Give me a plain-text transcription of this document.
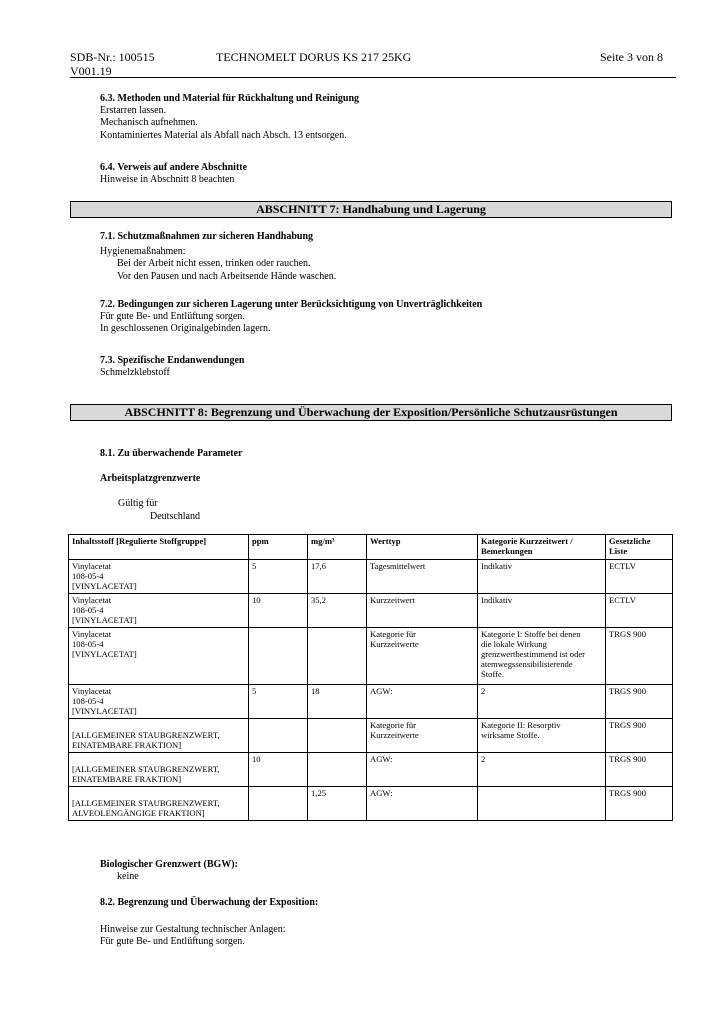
SDB-Nr.: 100515
V001.19
TECHNOMELT DORUS KS 217 25KG	Seite 3 von 8
6.3. Methoden und Material für Rückhaltung und Reinigung
Erstarren lassen.
Mechanisch aufnehmen.
Kontaminiertes Material als Abfall nach Absch. 13 entsorgen.
6.4. Verweis auf andere Abschnitte
Hinweise in Abschnitt 8 beachten
ABSCHNITT 7: Handhabung und Lagerung
7.1. Schutzmaßnahmen zur sicheren Handhabung
Hygienemaßnahmen:
Bei der Arbeit nicht essen, trinken oder rauchen.
Vor den Pausen und nach Arbeitsende Hände waschen.
7.2. Bedingungen zur sicheren Lagerung unter Berücksichtigung von Unverträglichkeiten
Für gute Be- und Entlüftung sorgen.
In geschlossenen Originalgebinden lagern.
7.3. Spezifische Endanwendungen
Schmelzklebstoff
ABSCHNITT 8: Begrenzung und Überwachung der Exposition/Persönliche Schutzausrüstungen
8.1. Zu überwachende Parameter
Arbeitsplatzgrenzwerte
Gültig für
Deutschland
Inhaltsstoff [Regulierte Stoffgruppe]	ppm	mg/m³	Werttyp	Kategorie Kurzzeitwert / Bemerkungen	Gesetzliche Liste

Vinylacetat
108-05-4
[VINYLACETAT]	5	17,6	Tagesmittelwert	Indikativ	ECTLV

Vinylacetat
108-05-4
[VINYLACETAT]	10	35,2	Kurzzeitwert	Indikativ	ECTLV

Vinylacetat
108-05-4
[VINYLACETAT]			Kategorie für
Kurzzeitwerte	Kategorie I: Stoffe bei denen
die lokale Wirkung
grenzwertbestimmend ist oder
atemwegssensibilisierende
Stoffe.	TRGS 900

Vinylacetat
108-05-4
[VINYLACETAT]	5	18	AGW:	2	TRGS 900

[ALLGEMEINER STAUBGRENZWERT,
EINATEMBARE FRAKTION]			Kategorie für
Kurzzeitwerte	Kategorie II: Resorptiv
wirksame Stoffe.	TRGS 900

[ALLGEMEINER STAUBGRENZWERT,
EINATEMBARE FRAKTION]	10		AGW:	2	TRGS 900

[ALLGEMEINER STAUBGRENZWERT,
ALVEOLENGÄNGIGE FRAKTION]		1,25	AGW:		TRGS 900
Biologischer Grenzwert (BGW):
keine
8.2. Begrenzung und Überwachung der Exposition:
Hinweise zur Gestaltung technischer Anlagen:
Für gute Be- und Entlüftung sorgen.
